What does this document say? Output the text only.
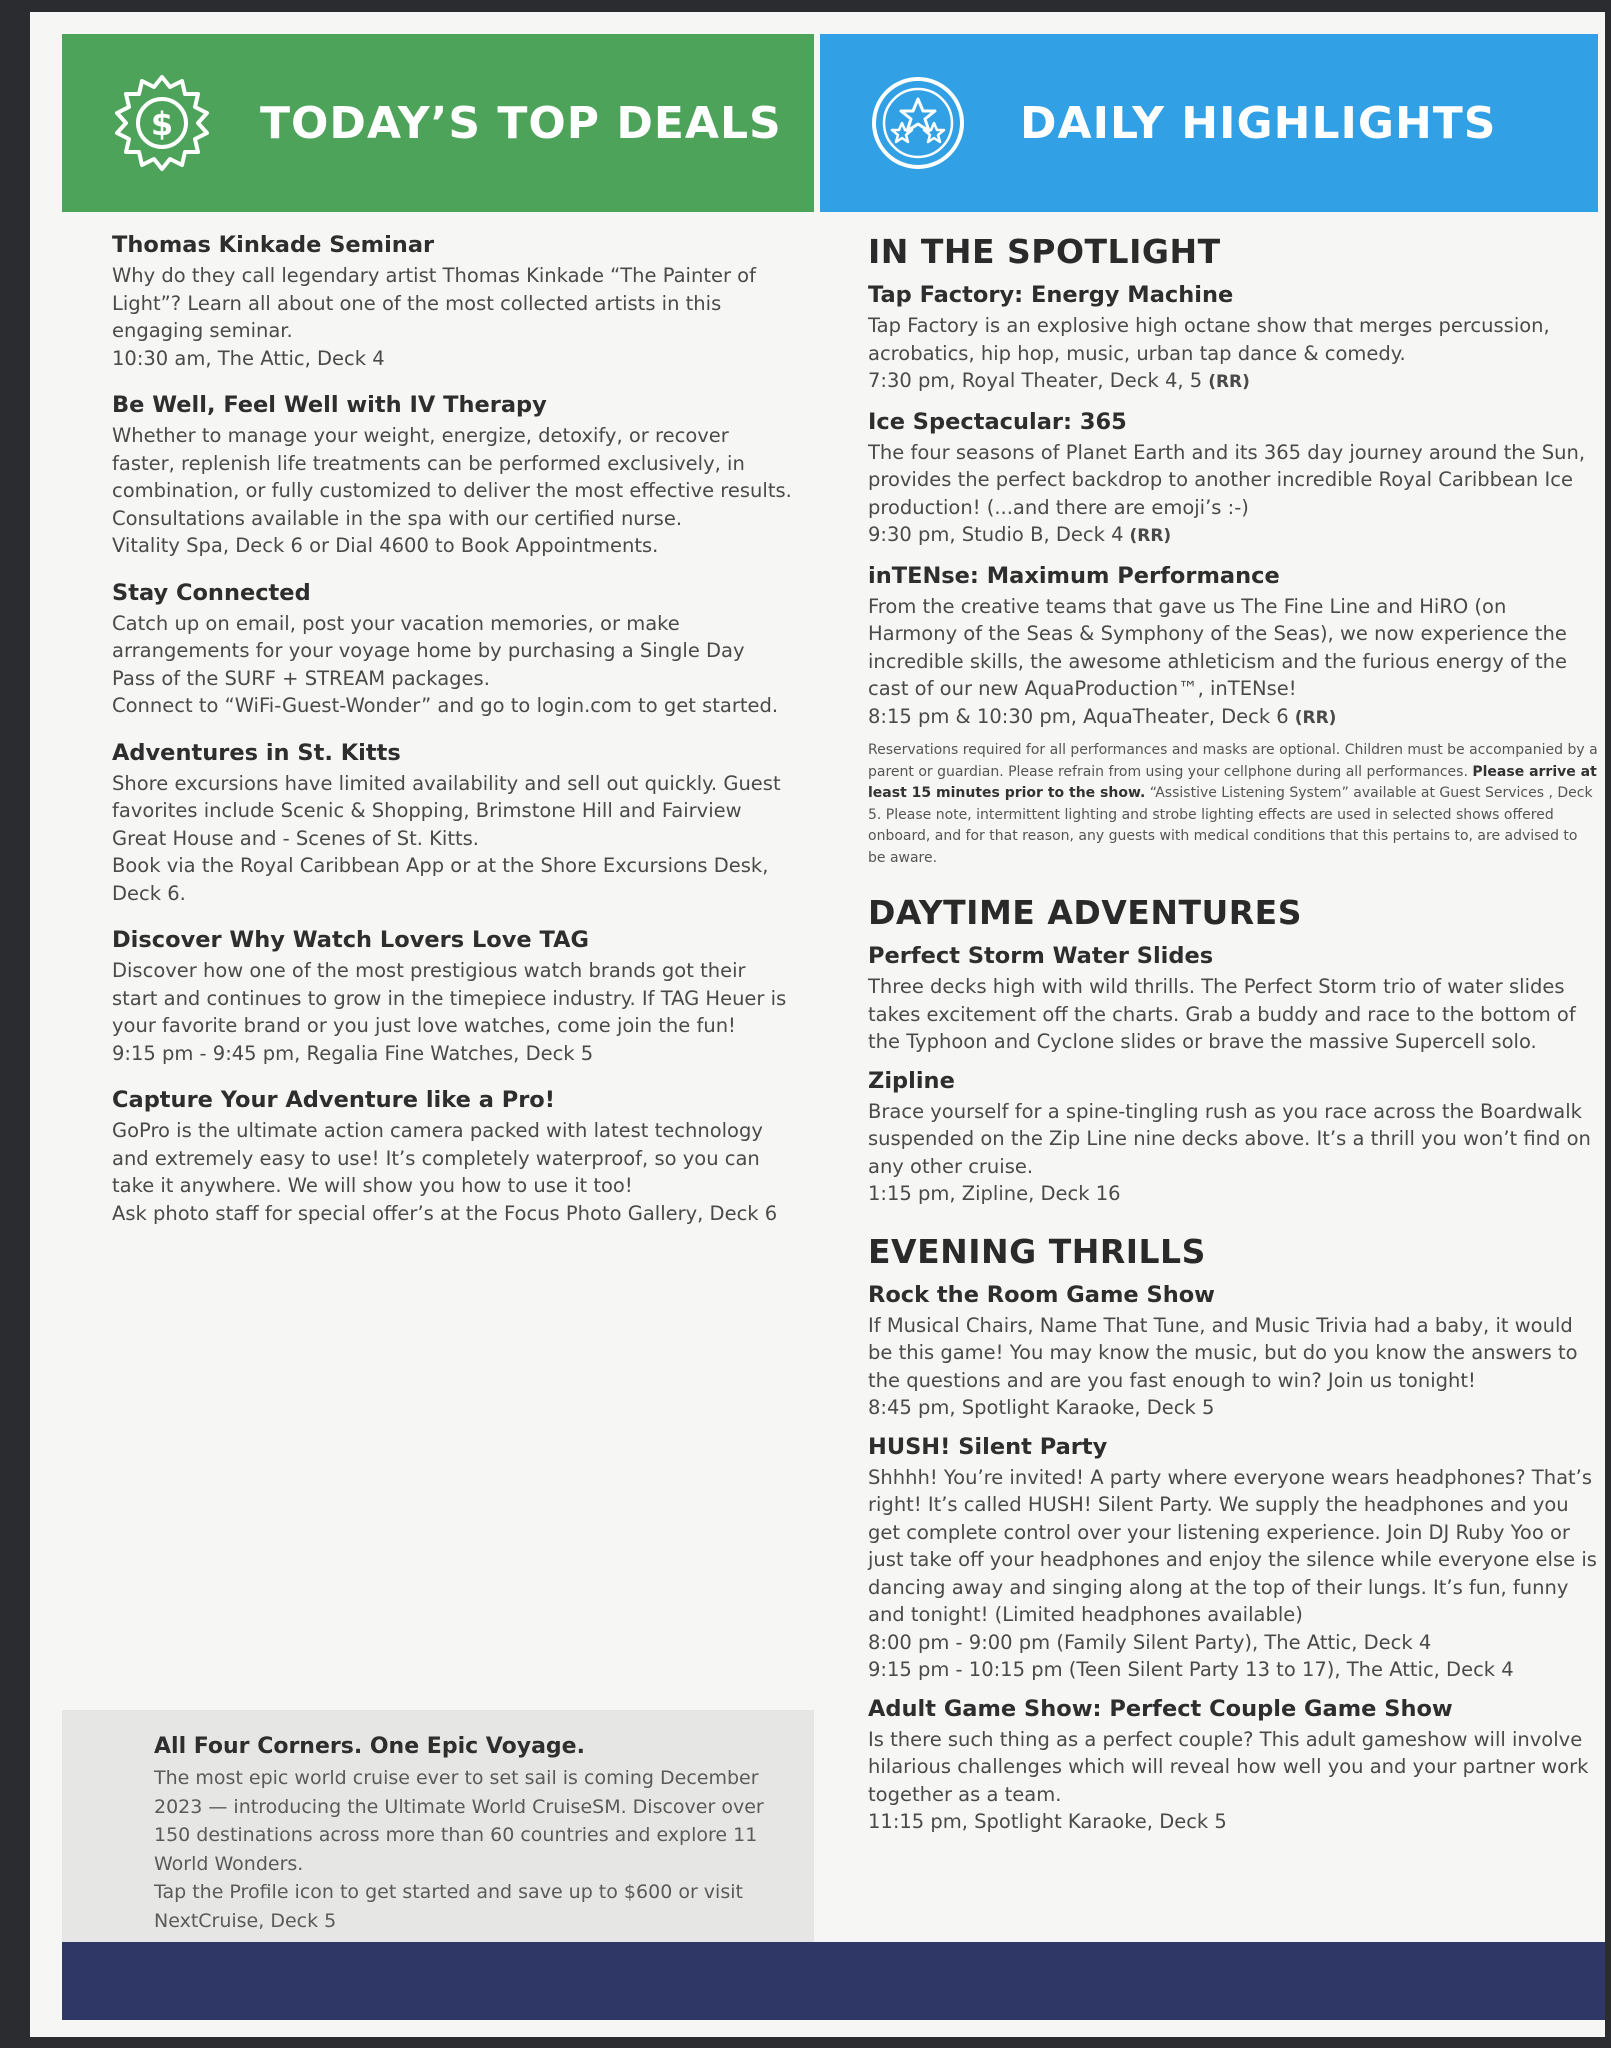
$ TODAY’S TOP DEALS	DAILY HIGHLIGHTS
Thomas Kinkade Seminar
Why do they call legendary artist Thomas Kinkade “The Painter of Light”? Learn all about one of the most collected artists in this engaging seminar.
10:30 am, The Attic, Deck 4
Be Well, Feel Well with IV Therapy
Whether to manage your weight, energize, detoxify, or recover faster, replenish life treatments can be performed exclusively, in combination, or fully customized to deliver the most effective results. Consultations available in the spa with our certified nurse.
Vitality Spa, Deck 6 or Dial 4600 to Book Appointments.
Stay Connected
Catch up on email, post your vacation memories, or make arrangements for your voyage home by purchasing a Single Day Pass of the SURF + STREAM packages.
Connect to “WiFi-Guest-Wonder” and go to login.com to get started.
Adventures in St. Kitts
Shore excursions have limited availability and sell out quickly. Guest favorites include Scenic & Shopping, Brimstone Hill and Fairview Great House and - Scenes of St. Kitts.
Book via the Royal Caribbean App or at the Shore Excursions Desk, Deck 6.
Discover Why Watch Lovers Love TAG
Discover how one of the most prestigious watch brands got their start and continues to grow in the timepiece industry. If TAG Heuer is your favorite brand or you just love watches, come join the fun!
9:15 pm - 9:45 pm, Regalia Fine Watches, Deck 5
Capture Your Adventure like a Pro!
GoPro is the ultimate action camera packed with latest technology and extremely easy to use! It’s completely waterproof, so you can take it anywhere. We will show you how to use it too!
Ask photo staff for special offer’s at the Focus Photo Gallery, Deck 6
All Four Corners. One Epic Voyage.
The most epic world cruise ever to set sail is coming December 2023 — introducing the Ultimate World CruiseSM. Discover over 150 destinations across more than 60 countries and explore 11 World Wonders.
Tap the Profile icon to get started and save up to $600 or visit NextCruise, Deck 5
IN THE SPOTLIGHT
Tap Factory: Energy Machine
Tap Factory is an explosive high octane show that merges percussion, acrobatics, hip hop, music, urban tap dance & comedy.
7:30 pm, Royal Theater, Deck 4, 5 (RR)
Ice Spectacular: 365
The four seasons of Planet Earth and its 365 day journey around the Sun, provides the perfect backdrop to another incredible Royal Caribbean Ice production! (...and there are emoji’s :-)
9:30 pm, Studio B, Deck 4 (RR)
inTENse: Maximum Performance
From the creative teams that gave us The Fine Line and HiRO (on Harmony of the Seas & Symphony of the Seas), we now experience the incredible skills, the awesome athleticism and the furious energy of the cast of our new AquaProduction™, inTENse!
8:15 pm & 10:30 pm, AquaTheater, Deck 6 (RR)
Reservations required for all performances and masks are optional. Children must be accompanied by a parent or guardian. Please refrain from using your cellphone during all performances. Please arrive at least 15 minutes prior to the show. “Assistive Listening System” available at Guest Services , Deck 5. Please note, intermittent lighting and strobe lighting effects are used in selected shows offered onboard, and for that reason, any guests with medical conditions that this pertains to, are advised to be aware.
DAYTIME ADVENTURES
Perfect Storm Water Slides
Three decks high with wild thrills. The Perfect Storm trio of water slides takes excitement off the charts. Grab a buddy and race to the bottom of the Typhoon and Cyclone slides or brave the massive Supercell solo.
Zipline
Brace yourself for a spine-tingling rush as you race across the Boardwalk suspended on the Zip Line nine decks above. It’s a thrill you won’t find on any other cruise.
1:15 pm, Zipline, Deck 16
EVENING THRILLS
Rock the Room Game Show
If Musical Chairs, Name That Tune, and Music Trivia had a baby, it would be this game! You may know the music, but do you know the answers to the questions and are you fast enough to win? Join us tonight!
8:45 pm, Spotlight Karaoke, Deck 5
HUSH! Silent Party
Shhhh! You’re invited! A party where everyone wears headphones? That’s right! It’s called HUSH! Silent Party. We supply the headphones and you get complete control over your listening experience. Join DJ Ruby Yoo or just take off your headphones and enjoy the silence while everyone else is dancing away and singing along at the top of their lungs. It’s fun, funny and tonight! (Limited headphones available)
8:00 pm - 9:00 pm (Family Silent Party), The Attic, Deck 4
9:15 pm - 10:15 pm (Teen Silent Party 13 to 17), The Attic, Deck 4
Adult Game Show: Perfect Couple Game Show
Is there such thing as a perfect couple? This adult gameshow will involve hilarious challenges which will reveal how well you and your partner work together as a team.
11:15 pm, Spotlight Karaoke, Deck 5
